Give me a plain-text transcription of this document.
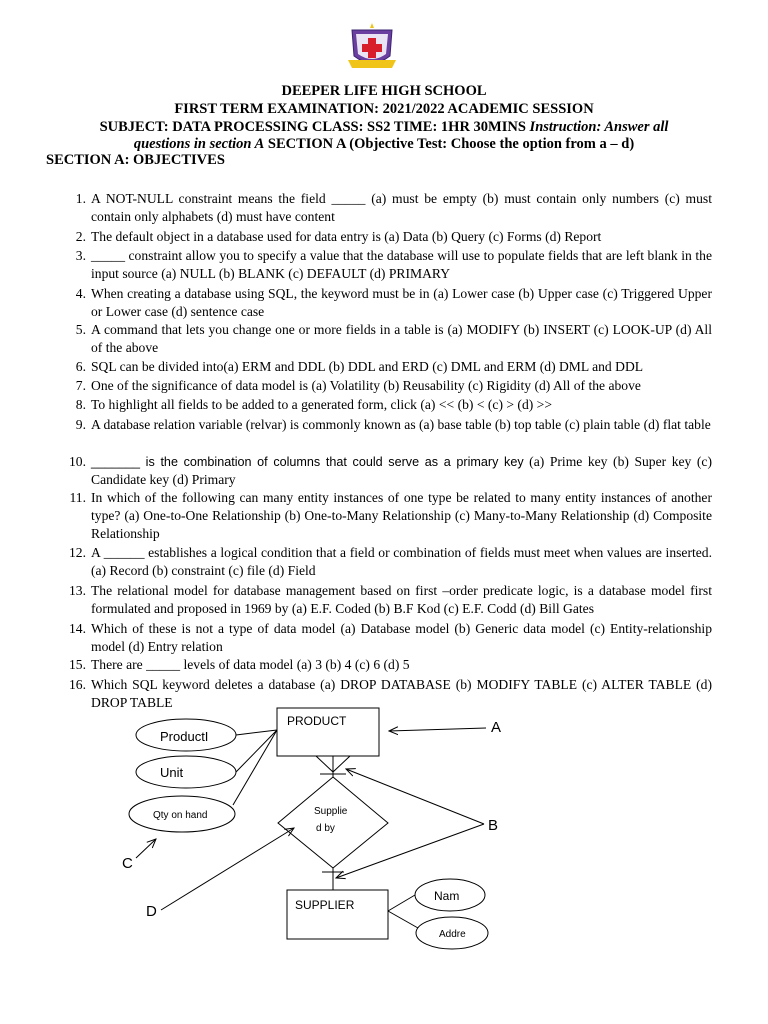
DEEPER LIFE HIGH SCHOOL
FIRST TERM EXAMINATION: 2021/2022 ACADEMIC SESSION
SUBJECT: DATA PROCESSING CLASS: SS2 TIME: 1HR 30MINS Instruction: Answer all
questions in section A SECTION A (Objective Test: Choose the option from a – d)
SECTION A: OBJECTIVES
1. A NOT-NULL constraint means the field _____ (a) must be empty (b) must contain only numbers (c) must contain only alphabets (d) must have content
2. The default object in a database used for data entry is (a) Data (b) Query (c) Forms (d) Report
3. _____ constraint allow you to specify a value that the database will use to populate fields that are left blank in the input source (a) NULL (b) BLANK (c) DEFAULT (d) PRIMARY
4. When creating a database using SQL, the keyword must be in (a) Lower case (b) Upper case (c) Triggered Upper or Lower case (d) sentence case
5. A command that lets you change one or more fields in a table is (a) MODIFY (b) INSERT (c) LOOK-UP (d) All of the above
6. SQL can be divided into(a) ERM and DDL (b) DDL and ERD (c) DML and ERM (d) DML and DDL
7. One of the significance of data model is (a) Volatility (b) Reusability (c) Rigidity (d) All of the above
8. To highlight all fields to be added to a generated form, click (a) << (b) < (c) > (d) >>
9. A database relation variable (relvar) is commonly known as (a) base table (b) top table (c) plain table (d) flat table
10. _______ is the combination of columns that could serve as a primary key (a) Prime key (b) Super key (c) Candidate key (d) Primary
11. In which of the following can many entity instances of one type be related to many entity instances of another type? (a) One-to-One Relationship (b) One-to-Many Relationship (c) Many-to-Many Relationship (d) Composite Relationship
12. A ______ establishes a logical condition that a field or combination of fields must meet when values are inserted. (a) Record (b) constraint (c) file (d) Field
13. The relational model for database management based on first –order predicate logic, is a database model first formulated and proposed in 1969 by (a) E.F. Coded (b) B.F Kod (c) E.F. Codd (d) Bill Gates
14. Which of these is not a type of data model (a) Database model (b) Generic data model (c) Entity-relationship model (d) Entry relation
15. There are _____ levels of data model (a) 3 (b) 4 (c) 6 (d) 5
16. Which SQL keyword deletes a database (a) DROP DATABASE (b) MODIFY TABLE (c) ALTER TABLE (d) DROP TABLE
PRODUCT
SUPPLIER
Supplie
d by
ProductI
Unit
Qty on hand
Nam
Addre
A
B
C
D
